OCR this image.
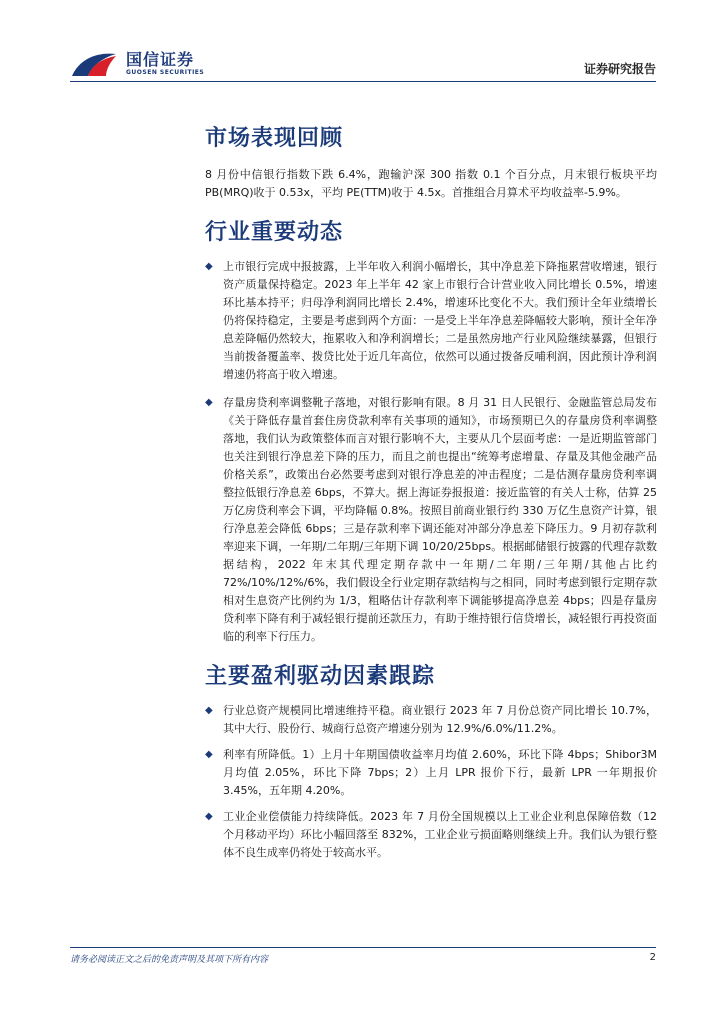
国信证券
GUOSEN SECURITIES	证券研究报告
市场表现回顾

8 月份中信银行指数下跌 6.4%，跑输沪深 300 指数 0.1 个百分点，月末银行板块平均 PB(MRQ)收于 0.53x，平均 PE(TTM)收于 4.5x。首推组合月算术平均收益率-5.9%。

行业重要动态
◆ 上市银行完成中报披露，上半年收入利润小幅增长，其中净息差下降拖累营收增速，银行资产质量保持稳定。2023 年上半年 42 家上市银行合计营业收入同比增长 0.5%，增速环比基本持平；归母净利润同比增长 2.4%，增速环比变化不大。我们预计全年业绩增长仍将保持稳定，主要是考虑到两个方面：一是受上半年净息差降幅较大影响，预计全年净息差降幅仍然较大，拖累收入和净利润增长；二是虽然房地产行业风险继续暴露，但银行当前拨备覆盖率、拨贷比处于近几年高位，依然可以通过拨备反哺利润，因此预计净利润增速仍将高于收入增速。
◆ 存量房贷利率调整靴子落地，对银行影响有限。8 月 31 日人民银行、金融监管总局发布《关于降低存量首套住房贷款利率有关事项的通知》，市场预期已久的存量房贷利率调整落地，我们认为政策整体而言对银行影响不大，主要从几个层面考虑：一是近期监管部门也关注到银行净息差下降的压力，而且之前也提出“统筹考虑增量、存量及其他金融产品价格关系”，政策出台必然要考虑到对银行净息差的冲击程度；二是估测存量房贷利率调整拉低银行净息差 6bps，不算大。据上海证券报报道：接近监管的有关人士称，估算 25 万亿房贷利率会下调，平均降幅 0.8%。按照目前商业银行约 330 万亿生息资产计算，银行净息差会降低 6bps；三是存款利率下调还能对冲部分净息差下降压力。9 月初存款利率迎来下调，一年期/二年期/三年期下调 10/20/25bps。根据邮储银行披露的代理存款数据结构，2022 年末其代理定期存款中一年期/二年期/三年期/其他占比约 72%/10%/12%/6%，我们假设全行业定期存款结构与之相同，同时考虑到银行定期存款相对生息资产比例约为 1/3，粗略估计存款利率下调能够提高净息差 4bps；四是存量房贷利率下降有利于减轻银行提前还款压力，有助于维持银行信贷增长，减轻银行再投资面临的利率下行压力。
主要盈利驱动因素跟踪
◆ 行业总资产规模同比增速维持平稳。商业银行 2023 年 7 月份总资产同比增长 10.7%，其中大行、股份行、城商行总资产增速分别为 12.9%/6.0%/11.2%。
◆ 利率有所降低。1）上月十年期国债收益率月均值 2.60%，环比下降 4bps；Shibor3M 月均值 2.05%，环比下降 7bps；2）上月 LPR 报价下行，最新 LPR 一年期报价 3.45%，五年期 4.20%。
◆ 工业企业偿债能力持续降低。2023 年 7 月份全国规模以上工业企业利息保障倍数（12 个月移动平均）环比小幅回落至 832%，工业企业亏损面略则继续上升。我们认为银行整体不良生成率仍将处于较高水平。
请务必阅读正文之后的免责声明及其项下所有内容	2
